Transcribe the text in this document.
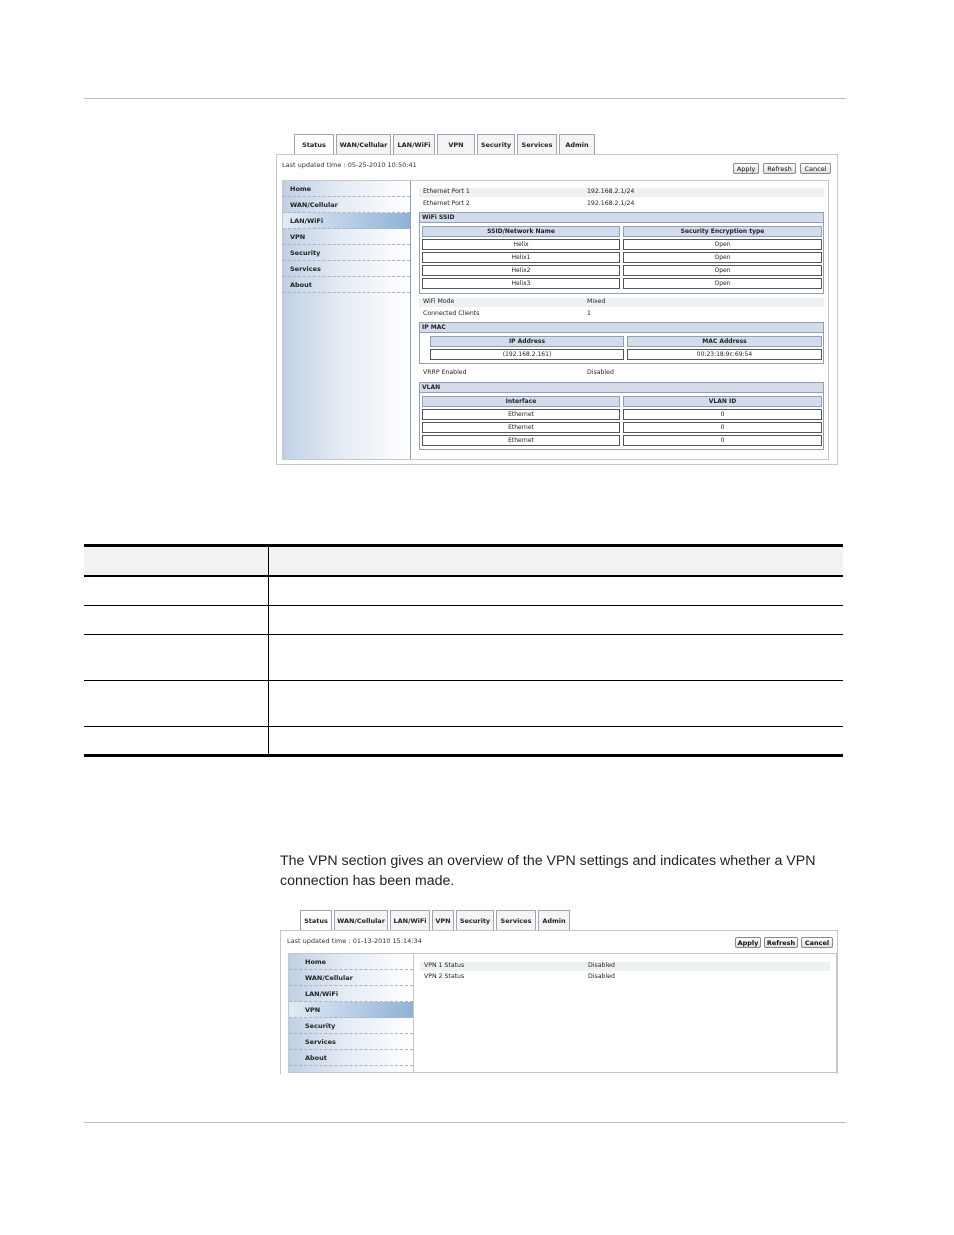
Status	WAN/Cellular	LAN/WiFi	VPN	Security	Services	Admin
Last updated time : 05-25-2010 10:50:41	Apply	Refresh	Cancel
Home
WAN/Cellular
LAN/WiFi
VPN
Security
Services
About
Ethernet Port 1	192.168.2.1/24
Ethernet Port 2	192.168.2.1/24
WiFi SSID
SSID/Network Name	Security Encryption type
Helix	Open
Helix1	Open
Helix2	Open
Helix3	Open
WiFi Mode	Mixed
Connected Clients	1
IP MAC
IP Address	MAC Address
(192.168.2.161)	00:23:18:9c:69:54
VRRP Enabled	Disabled
VLAN
Interface	VLAN ID
Ethernet	0
Ethernet	0
Ethernet	0

The VPN section gives an overview of the VPN settings and indicates whether a VPN connection has been made.

Status	WAN/Cellular	LAN/WiFi	VPN	Security	Services	Admin
Last updated time : 01-13-2010 15:14:34	Apply	Refresh	Cancel
Home
WAN/Cellular
LAN/WiFi
VPN
Security
Services
About
VPN 1 Status	Disabled
VPN 2 Status	Disabled
